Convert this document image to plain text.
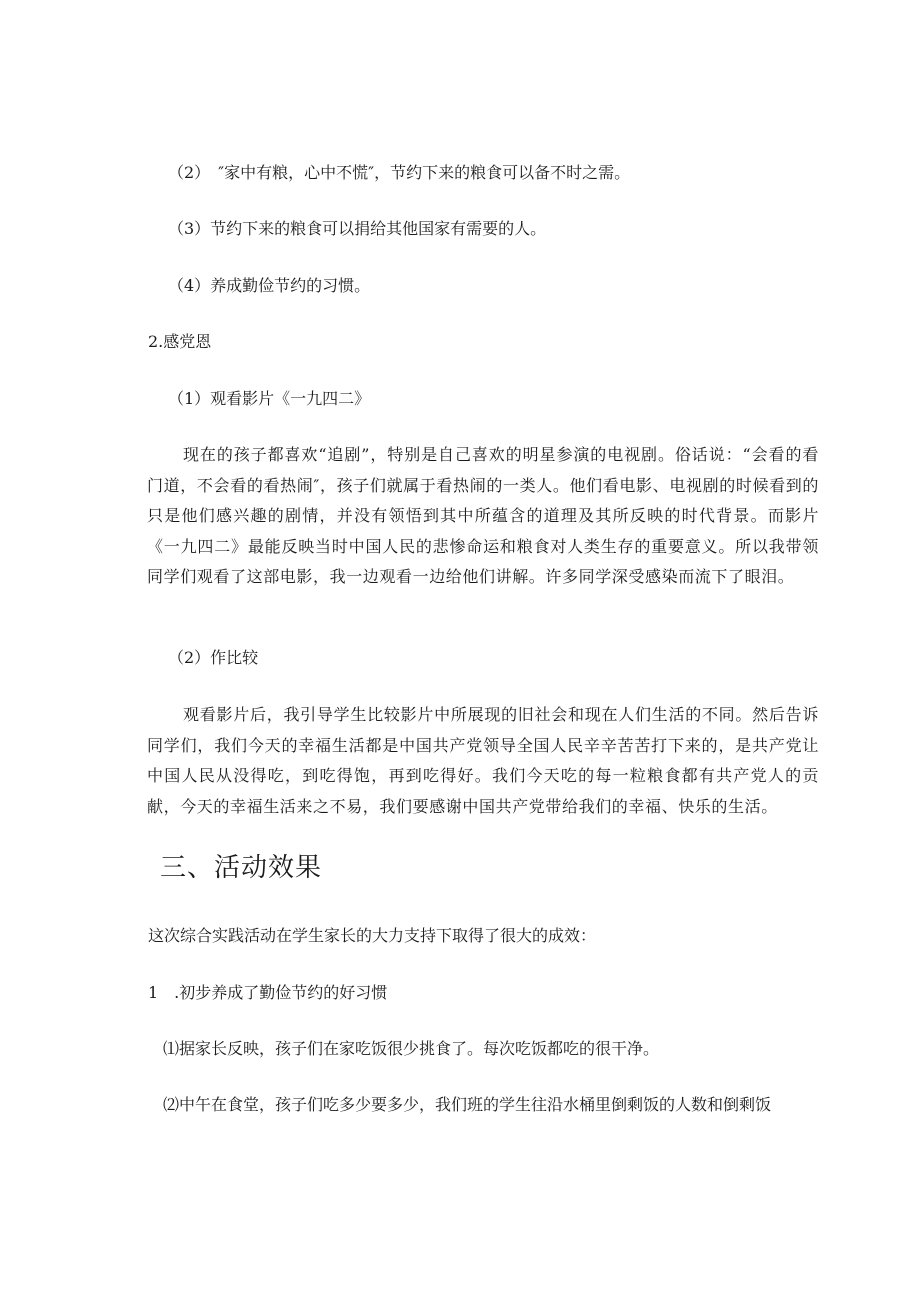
（2）　″家中有粮，心中不慌″，节约下来的粮食可以备不时之需。
（3）节约下来的粮食可以捐给其他国家有需要的人。
（4）养成勤俭节约的习惯。
2.感党恩
（1）观看影片《一九四二》
现在的孩子都喜欢“追剧”，特别是自己喜欢的明星参演的电视剧。俗话说：“会看的看门道，不会看的看热闹″，孩子们就属于看热闹的一类人。他们看电影、电视剧的时候看到的只是他们感兴趣的剧情，并没有领悟到其中所蕴含的道理及其所反映的时代背景。而影片《一九四二》最能反映当时中国人民的悲惨命运和粮食对人类生存的重要意义。所以我带领同学们观看了这部电影，我一边观看一边给他们讲解。许多同学深受感染而流下了眼泪。
（2）作比较
观看影片后，我引导学生比较影片中所展现的旧社会和现在人们生活的不同。然后告诉同学们，我们今天的幸福生活都是中国共产党领导全国人民辛辛苦苦打下来的，是共产党让中国人民从没得吃，到吃得饱，再到吃得好。我们今天吃的每一粒粮食都有共产党人的贡献，今天的幸福生活来之不易，我们要感谢中国共产党带给我们的幸福、快乐的生活。
三、活动效果
这次综合实践活动在学生家长的大力支持下取得了很大的成效：
1　.初步养成了勤俭节约的好习惯
⑴据家长反映，孩子们在家吃饭很少挑食了。每次吃饭都吃的很干净。
⑵中午在食堂，孩子们吃多少要多少，我们班的学生往沿水桶里倒剩饭的人数和倒剩饭
